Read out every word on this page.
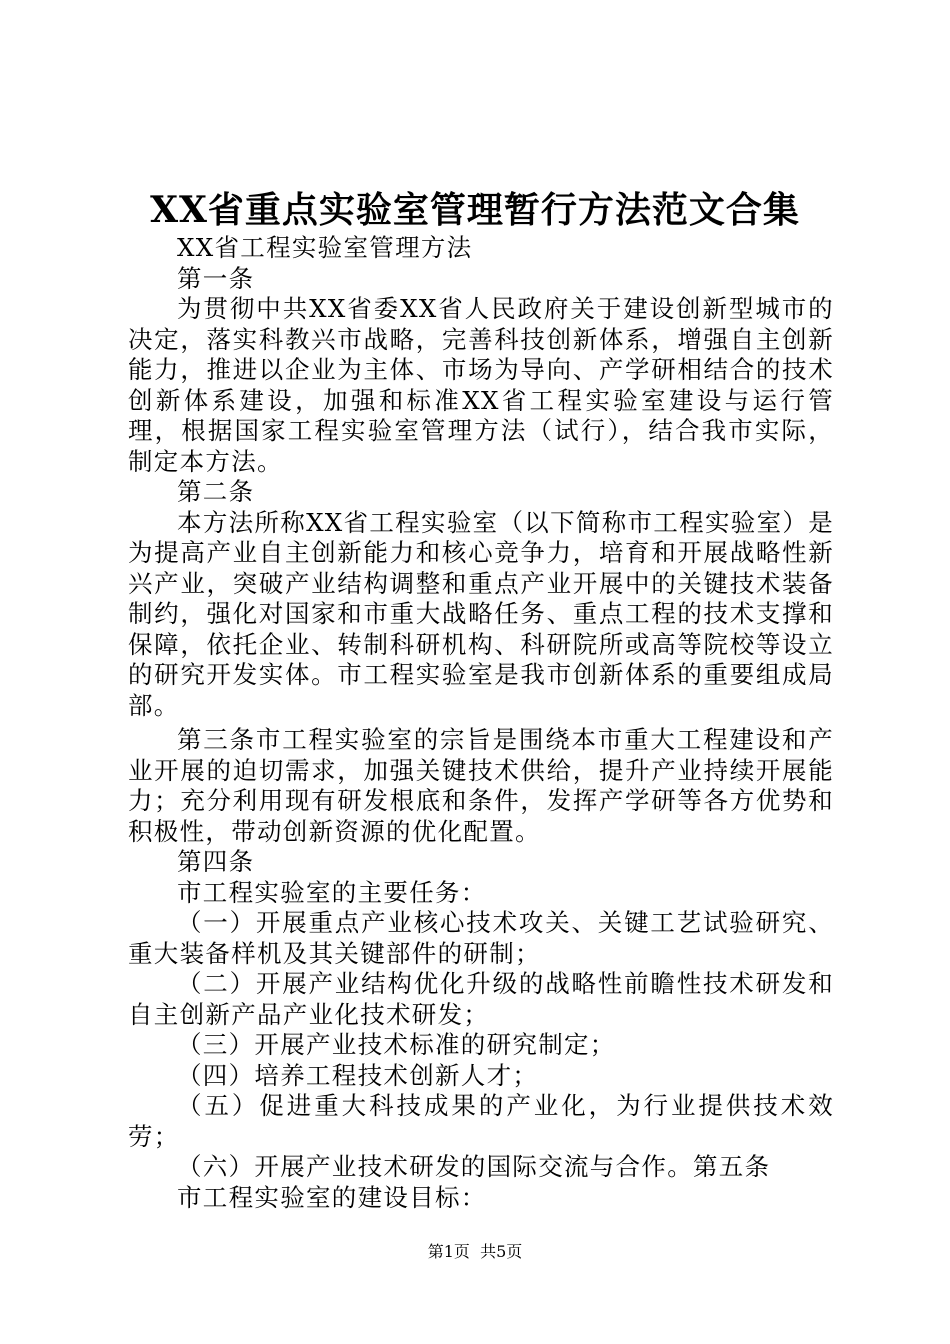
XX省重点实验室管理暂行方法范文合集

XX省工程实验室管理方法

第一条

为贯彻中共XX省委XX省人民政府关于建设创新型城市的决定，落实科教兴市战略，完善科技创新体系，增强自主创新能力，推进以企业为主体、市场为导向、产学研相结合的技术创新体系建设，加强和标准XX省工程实验室建设与运行管理，根据国家工程实验室管理方法（试行），结合我市实际，制定本方法。

第二条

本方法所称XX省工程实验室（以下简称市工程实验室）是为提高产业自主创新能力和核心竞争力，培育和开展战略性新兴产业，突破产业结构调整和重点产业开展中的关键技术装备制约，强化对国家和市重大战略任务、重点工程的技术支撑和保障，依托企业、转制科研机构、科研院所或高等院校等设立的研究开发实体。市工程实验室是我市创新体系的重要组成局部。

第三条市工程实验室的宗旨是围绕本市重大工程建设和产业开展的迫切需求，加强关键技术供给，提升产业持续开展能力；充分利用现有研发根底和条件，发挥产学研等各方优势和积极性，带动创新资源的优化配置。

第四条

市工程实验室的主要任务：

（一）开展重点产业核心技术攻关、关键工艺试验研究、重大装备样机及其关键部件的研制；

（二）开展产业结构优化升级的战略性前瞻性技术研发和自主创新产品产业化技术研发；

（三）开展产业技术标准的研究制定；

（四）培养工程技术创新人才；

（五）促进重大科技成果的产业化，为行业提供技术效劳；

（六）开展产业技术研发的国际交流与合作。第五条

市工程实验室的建设目标：

第1页 共5页
